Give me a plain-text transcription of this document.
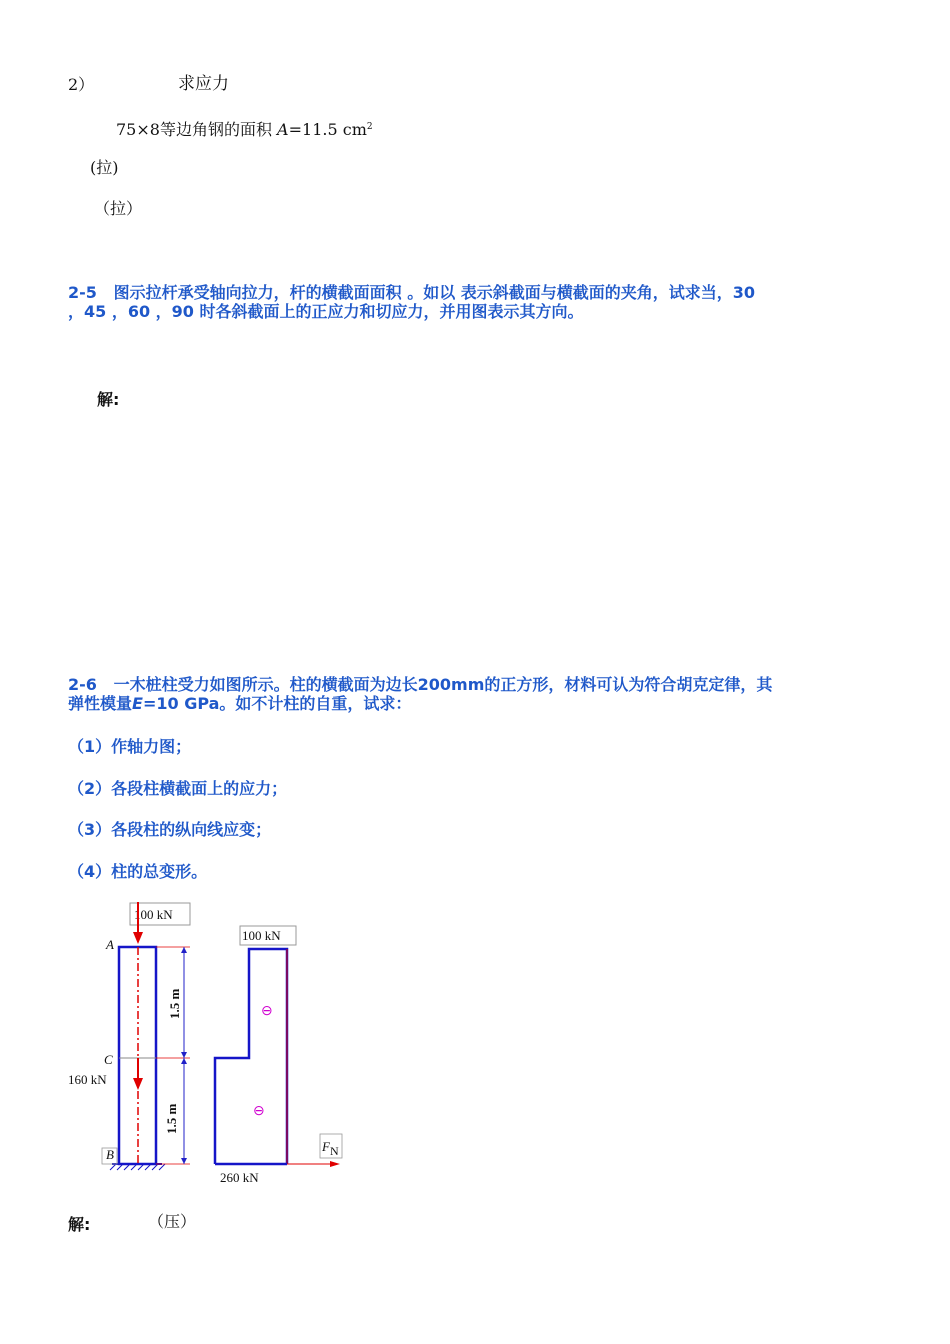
2）	求应力
75×8等边角钢的面积 A=11.5 $cm^2$
(拉)
（拉）
2-5 图示拉杆承受轴向拉力，杆的横截面面积 。如以 表示斜截面与横截面的夹角，试求当，30
，45 ，60 ，90 时各斜截面上的正应力和切应力，并用图表示其方向。
解:
2-6 一木桩柱受力如图所示。柱的横截面为边长200mm的正方形，材料可认为符合胡克定律，其
弹性模量E=10 GPa。如不计柱的自重，试求：
（1）作轴力图；
（2）各段柱横截面上的应力；
（3）各段柱的纵向线应变；
（4）柱的总变形。
100 kN
A
C
B
160 kN
1.5 m
1.5 m
100 kN
⊖
⊖
FN
260 kN
解:	（压）
